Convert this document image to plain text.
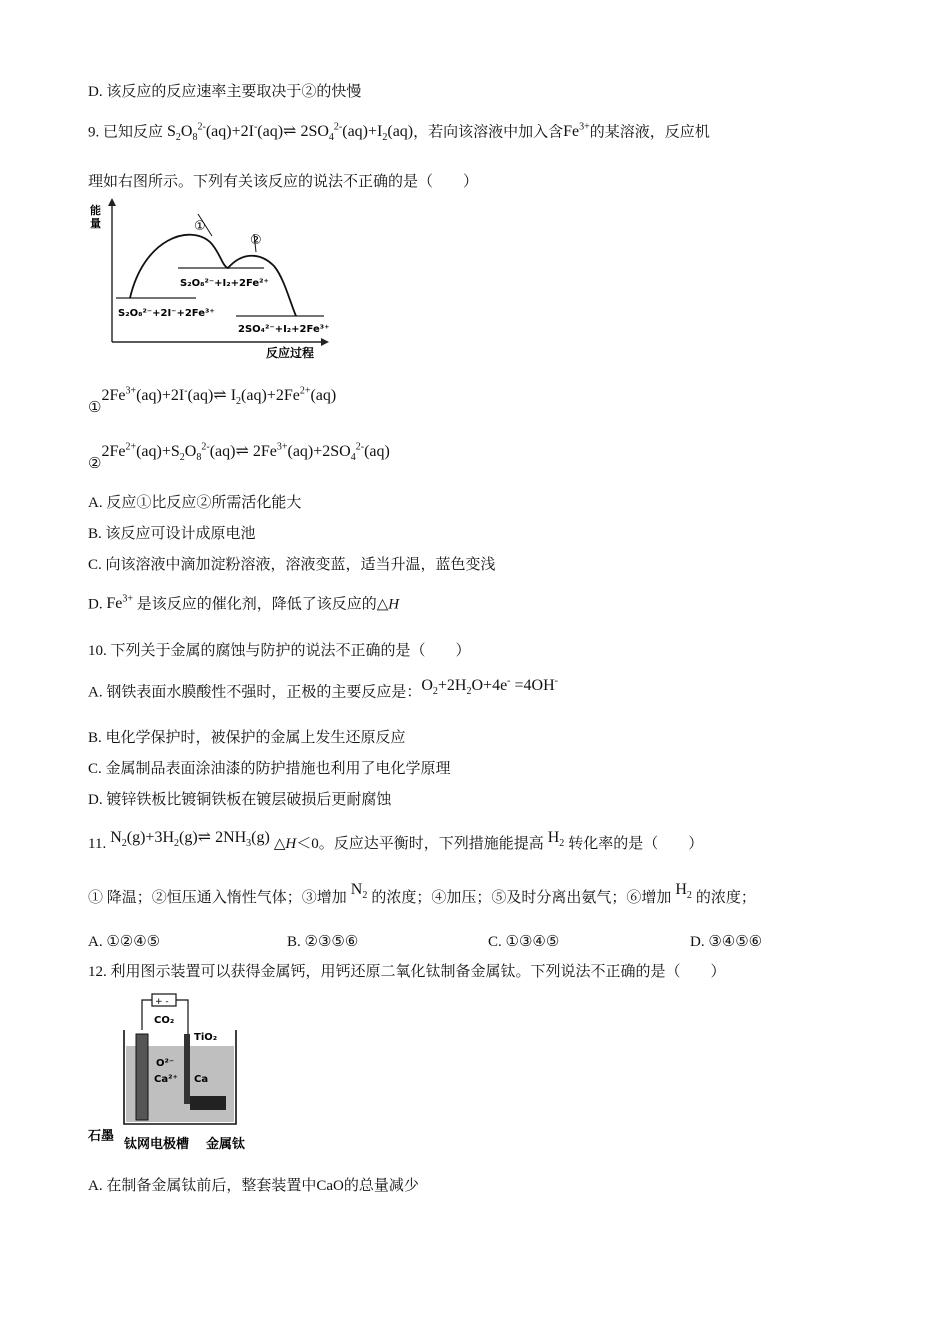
D. 该反应的反应速率主要取决于②的快慢
9. 已知反应 $S_2O_8^{2-}(aq)+2I^-(aq)\rightleftharpoons$ $2SO_4^{2-}(aq)+I_2(aq)$，若向该溶液中加入含$Fe^{3+}$的某溶液，反应机
理如右图所示。下列有关该反应的说法不正确的是（　　）
能
量	①
②
S₂O₈²⁻+2I⁻+2Fe³⁺
S₂O₈²⁻+I₂+2Fe²⁺
2SO₄²⁻+I₂+2Fe³⁺
反应过程
$①2Fe^{3+}(aq)+2I^-(aq)\rightleftharpoons$ $I_2(aq)+2Fe^{2+}(aq)$
$②2Fe^{2+}(aq)+S_2O_8^{2-}(aq)\rightleftharpoons$ $2Fe^{3+}(aq)+2SO_4^{2-}(aq)$
A. 反应①比反应②所需活化能大
B. 该反应可设计成原电池
C. 向该溶液中滴加淀粉溶液，溶液变蓝，适当升温，蓝色变浅
D. $Fe^{3+}$ 是该反应的催化剂，降低了该反应的△H
10. 下列关于金属的腐蚀与防护的说法不正确的是（　　）
A. 钢铁表面水膜酸性不强时，正极的主要反应是：$O_2+2H_2O+4e^- =4OH^-$
B. 电化学保护时，被保护的金属上发生还原反应
C. 金属制品表面涂油漆的防护措施也利用了电化学原理
D. 镀锌铁板比镀铜铁板在镀层破损后更耐腐蚀
11. $N_2(g)+3H_2(g)\rightleftharpoons$ $2NH_3(g)$ △H＜0。反应达平衡时，下列措施能提高 $H_2$ 转化率的是（　　）
① 降温；②恒压通入惰性气体；③增加 $N_2$ 的浓度；④加压；⑤及时分离出氨气；⑥增加 $H_2$ 的浓度；
A. ①②④⑤	B. ②③⑤⑥	C. ①③④⑤	D. ③④⑤⑥
12. 利用图示装置可以获得金属钙，用钙还原二氧化钛制备金属钛。下列说法不正确的是（　　）
+ -
CO₂
TiO₂
O²⁻
Ca²⁺ Ca
石墨
钛网电极槽 金属钛
A. 在制备金属钛前后，整套装置中CaO的总量减少
